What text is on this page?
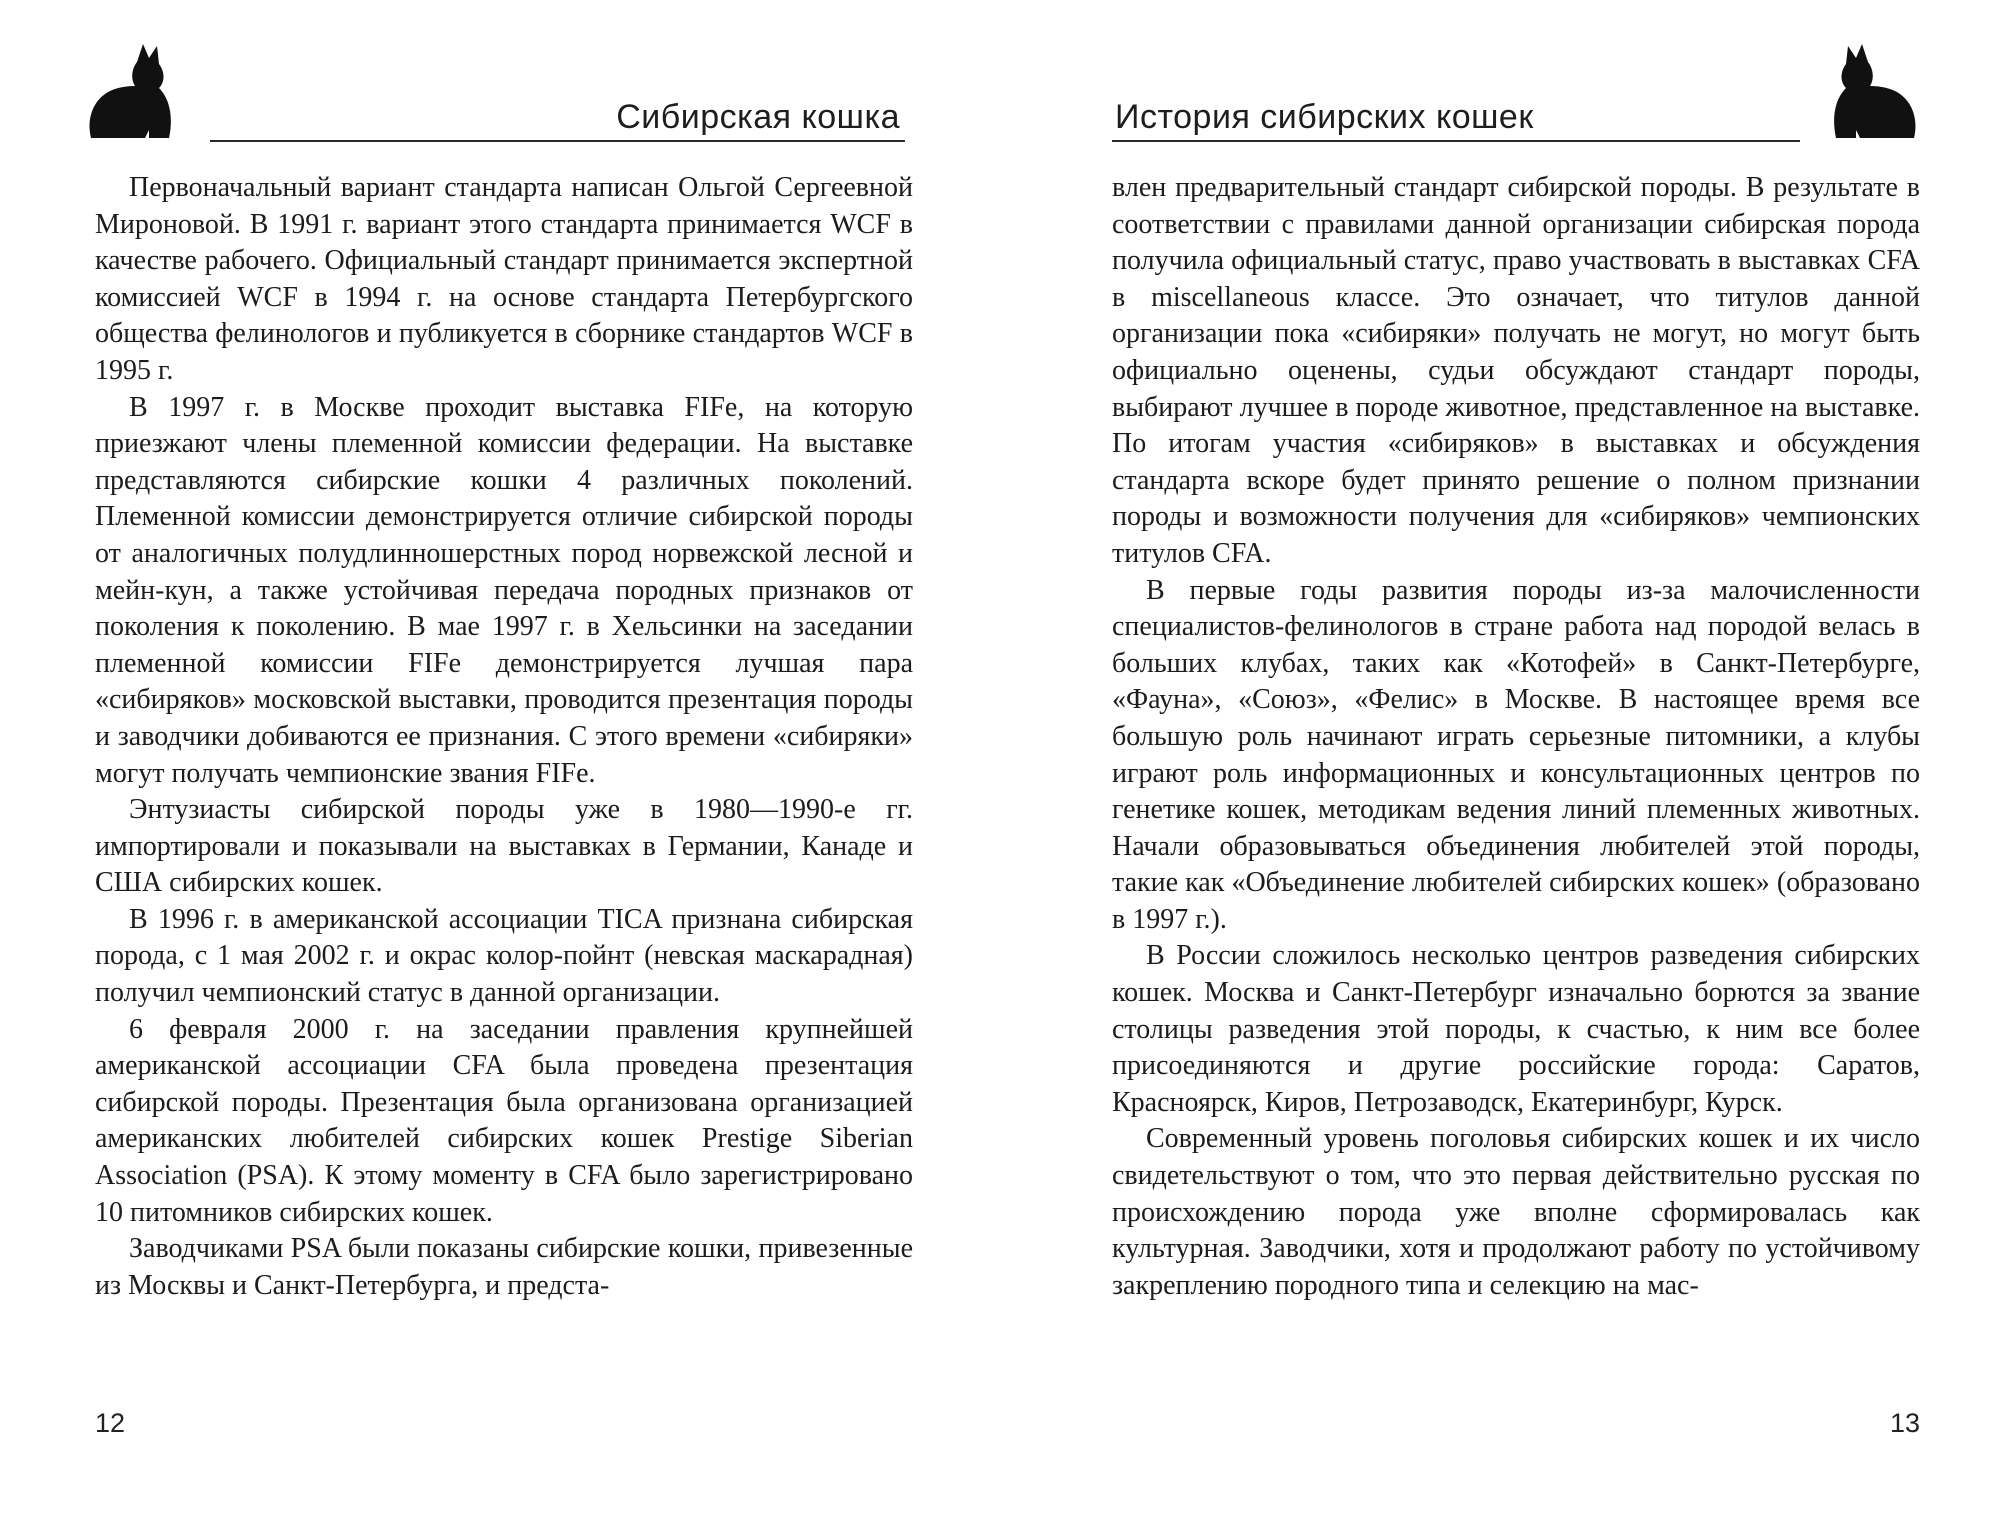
Сибирская кошка

Первоначальный вариант стандарта написан Ольгой Сергеевной Мироновой. В 1991 г. вариант этого стандарта принимается WCF в качестве рабочего. Официальный стандарт принимается экспертной комиссией WCF в 1994 г. на основе стандарта Петербургского общества фелинологов и публикуется в сборнике стандартов WCF в 1995 г.

В 1997 г. в Москве проходит выставка FIFe, на которую приезжают члены племенной комиссии федерации. На выставке представляются сибирские кошки 4 различных поколений. Племенной комиссии демонстрируется отличие сибирской породы от аналогичных полудлинношерстных пород норвежской лесной и мейн-кун, а также устойчивая передача породных признаков от поколения к поколению. В мае 1997 г. в Хельсинки на заседании племенной комиссии FIFe демонстрируется лучшая пара «сибиряков» московской выставки, проводится презентация породы и заводчики добиваются ее признания. С этого времени «сибиряки» могут получать чемпионские звания FIFe.

Энтузиасты сибирской породы уже в 1980—1990-е гг. импортировали и показывали на выставках в Германии, Канаде и США сибирских кошек.

В 1996 г. в американской ассоциации TICA признана сибирская порода, с 1 мая 2002 г. и окрас колор-пойнт (невская маскарадная) получил чемпионский статус в данной организации.

6 февраля 2000 г. на заседании правления крупнейшей американской ассоциации CFA была проведена презентация сибирской породы. Презентация была организована организацией американских любителей сибирских кошек Prestige Siberian Association (PSA). К этому моменту в CFA было зарегистрировано 10 питомников сибирских кошек.

Заводчиками PSA были показаны сибирские кошки, привезенные из Москвы и Санкт-Петербурга, и предста-

12
История сибирских кошек

влен предварительный стандарт сибирской породы. В результате в соответствии с правилами данной организации сибирская порода получила официальный статус, право участвовать в выставках CFA в miscellaneous классе. Это означает, что титулов данной организации пока «сибиряки» получать не могут, но могут быть официально оценены, судьи обсуждают стандарт породы, выбирают лучшее в породе животное, представленное на выставке. По итогам участия «сибиряков» в выставках и обсуждения стандарта вскоре будет принято решение о полном признании породы и возможности получения для «сибиряков» чемпионских титулов CFA.

В первые годы развития породы из-за малочисленности специалистов-фелинологов в стране работа над породой велась в больших клубах, таких как «Котофей» в Санкт-Петербурге, «Фауна», «Союз», «Фелис» в Москве. В настоящее время все большую роль начинают играть серьезные питомники, а клубы играют роль информационных и консультационных центров по генетике кошек, методикам ведения линий племенных животных. Начали образовываться объединения любителей этой породы, такие как «Объединение любителей сибирских кошек» (образовано в 1997 г.).

В России сложилось несколько центров разведения сибирских кошек. Москва и Санкт-Петербург изначально борются за звание столицы разведения этой породы, к счастью, к ним все более присоединяются и другие российские города: Саратов, Красноярск, Киров, Петрозаводск, Екатеринбург, Курск.

Современный уровень поголовья сибирских кошек и их число свидетельствуют о том, что это первая действительно русская по происхождению порода уже вполне сформировалась как культурная. Заводчики, хотя и продолжают работу по устойчивому закреплению породного типа и селекцию на мас-

13
